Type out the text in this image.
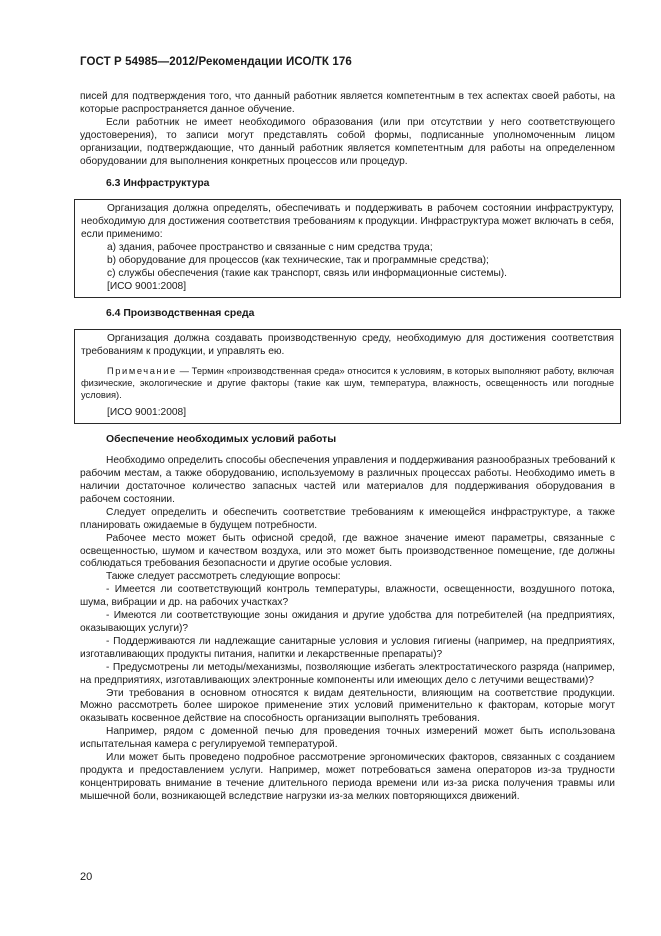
ГОСТ Р 54985—2012/Рекомендации ИСО/ТК 176

писей для подтверждения того, что данный работник является компетентным в тех аспектах своей работы, на которые распространяется данное обучение.

Если работник не имеет необходимого образования (или при отсутствии у него соответствующего удостоверения), то записи могут представлять собой формы, подписанные уполномоченным лицом организации, подтверждающие, что данный работник является компетентным для работы на определенном оборудовании для выполнения конкретных процессов или процедур.

6.3 Инфраструктура

Организация должна определять, обеспечивать и поддерживать в рабочем состоянии инфраструктуру, необходимую для достижения соответствия требованиям к продукции. Инфраструктура может включать в себя, если применимо:

a) здания, рабочее пространство и связанные с ним средства труда;

b) оборудование для процессов (как технические, так и программные средства);

c) службы обеспечения (такие как транспорт, связь или информационные системы).

[ИСО 9001:2008]

6.4 Производственная среда

Организация должна создавать производственную среду, необходимую для достижения соответствия требованиям к продукции, и управлять ею.

Примечание — Термин «производственная среда» относится к условиям, в которых выполняют работу, включая физические, экологические и другие факторы (такие как шум, температура, влажность, освещенность или погодные условия).

[ИСО 9001:2008]

Обеспечение необходимых условий работы

Необходимо определить способы обеспечения управления и поддерживания разнообразных требований к рабочим местам, а также оборудованию, используемому в различных процессах работы. Необходимо иметь в наличии достаточное количество запасных частей или материалов для поддерживания оборудования в рабочем состоянии.

Следует определить и обеспечить соответствие требованиям к имеющейся инфраструктуре, а также планировать ожидаемые в будущем потребности.

Рабочее место может быть офисной средой, где важное значение имеют параметры, связанные с освещенностью, шумом и качеством воздуха, или это может быть производственное помещение, где должны соблюдаться требования безопасности и другие особые условия.

Также следует рассмотреть следующие вопросы:

- Имеется ли соответствующий контроль температуры, влажности, освещенности, воздушного потока, шума, вибрации и др. на рабочих участках?

- Имеются ли соответствующие зоны ожидания и другие удобства для потребителей (на предприятиях, оказывающих услуги)?

- Поддерживаются ли надлежащие санитарные условия и условия гигиены (например, на предприятиях, изготавливающих продукты питания, напитки и лекарственные препараты)?

- Предусмотрены ли методы/механизмы, позволяющие избегать электростатического разряда (например, на предприятиях, изготавливающих электронные компоненты или имеющих дело с летучими веществами)?

Эти требования в основном относятся к видам деятельности, влияющим на соответствие продукции. Можно рассмотреть более широкое применение этих условий применительно к факторам, которые могут оказывать косвенное действие на способность организации выполнять требования.

Например, рядом с доменной печью для проведения точных измерений может быть использована испытательная камера с регулируемой температурой.

Или может быть проведено подробное рассмотрение эргономических факторов, связанных с созданием продукта и предоставлением услуги. Например, может потребоваться замена операторов из-за трудности концентрировать внимание в течение длительного периода времени или из-за риска получения травмы или мышечной боли, возникающей вследствие нагрузки из-за мелких повторяющихся движений.

20
